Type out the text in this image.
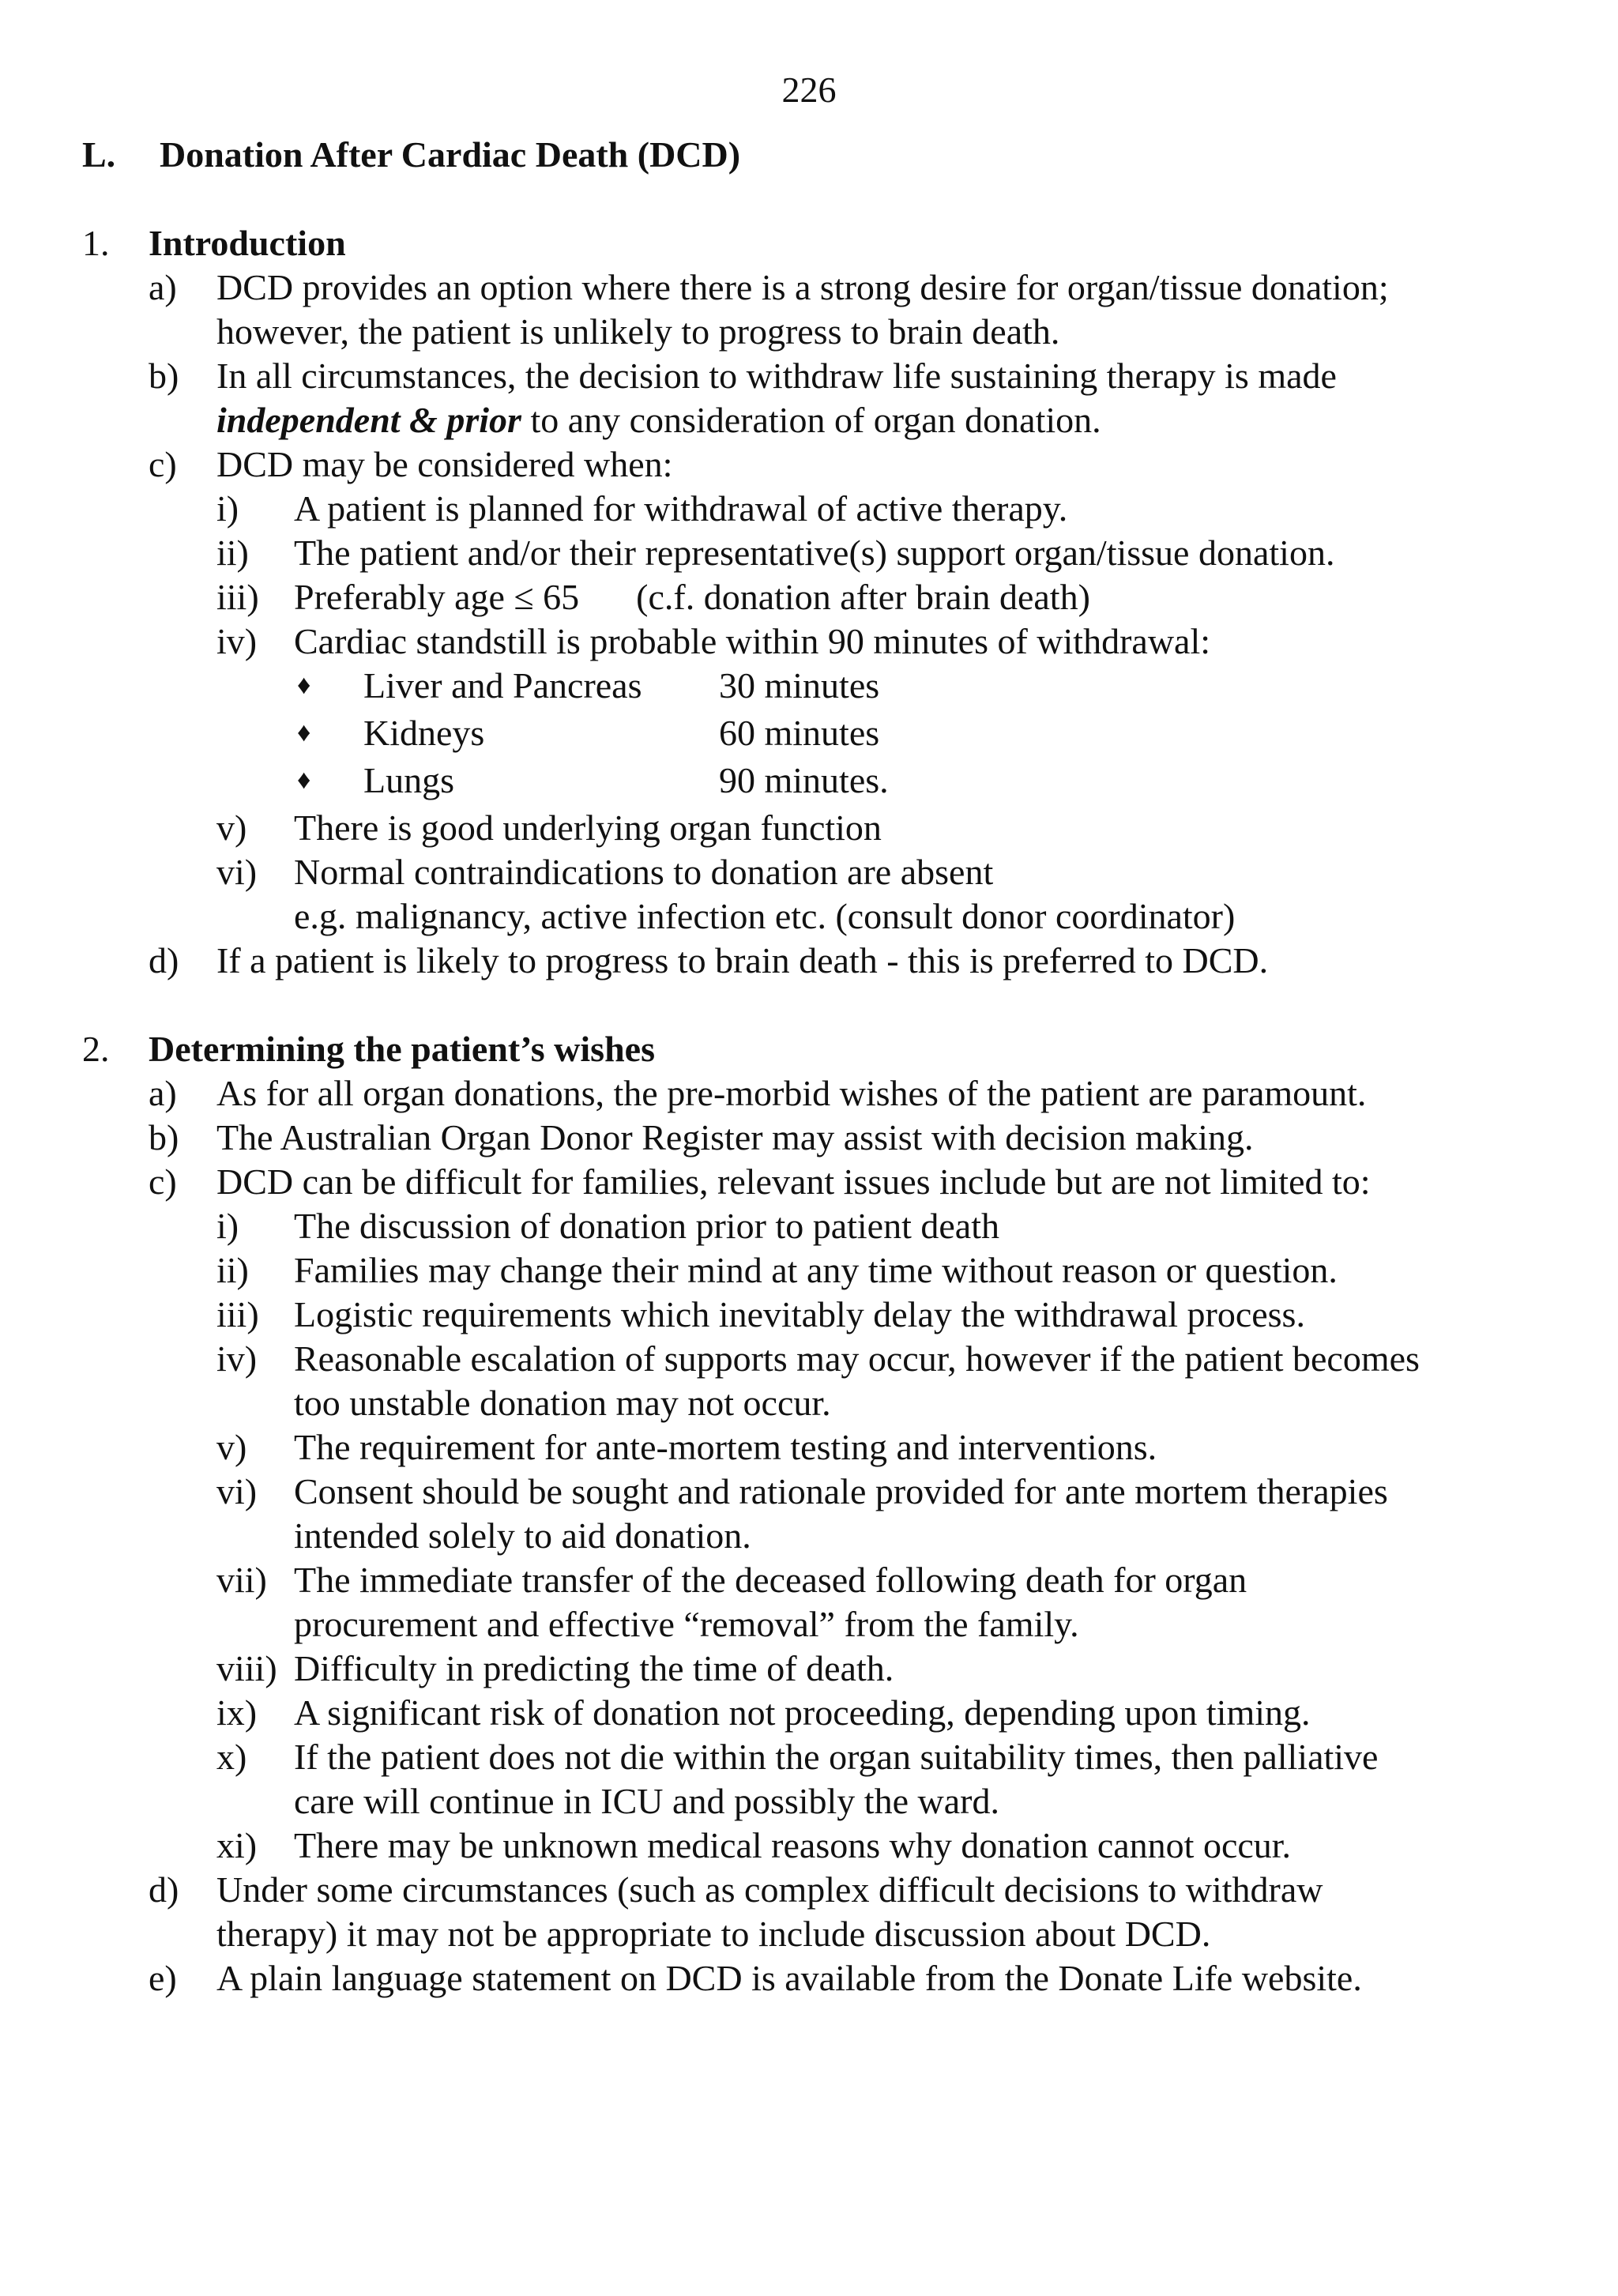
226
L. Donation After Cardiac Death (DCD)
1.	Introduction
a)	DCD provides an option where there is a strong desire for organ/tissue donation;
however, the patient is unlikely to progress to brain death.
b)	In all circumstances, the decision to withdraw life sustaining therapy is made
independent & prior to any consideration of organ donation.
c)	DCD may be considered when:
i)	A patient is planned for withdrawal of active therapy.
ii)	The patient and/or their representative(s) support organ/tissue donation.
iii) Preferably age ≤ 65 (c.f. donation after brain death)
iv)	Cardiac standstill is probable within 90 minutes of withdrawal:
♦	Liver and Pancreas	30 minutes
♦	Kidneys	60 minutes
♦	Lungs	90 minutes.
v)	There is good underlying organ function
vi)	Normal contraindications to donation are absent
e.g. malignancy, active infection etc. (consult donor coordinator)
d)	If a patient is likely to progress to brain death - this is preferred to DCD.
2.	Determining the patient’s wishes
a)	As for all organ donations, the pre-morbid wishes of the patient are paramount.
b)	The Australian Organ Donor Register may assist with decision making.
c)	DCD can be difficult for families, relevant issues include but are not limited to:
i)	The discussion of donation prior to patient death
ii)	Families may change their mind at any time without reason or question.
iii) Logistic requirements which inevitably delay the withdrawal process.
iv)	Reasonable escalation of supports may occur, however if the patient becomes
too unstable donation may not occur.
v)	The requirement for ante-mortem testing and interventions.
vi)	Consent should be sought and rationale provided for ante mortem therapies
intended solely to aid donation.
vii) The immediate transfer of the deceased following death for organ
procurement and effective “removal” from the family.
viii) Difficulty in predicting the time of death.
ix)	A significant risk of donation not proceeding, depending upon timing.
x)	If the patient does not die within the organ suitability times, then palliative
care will continue in ICU and possibly the ward.
xi)	There may be unknown medical reasons why donation cannot occur.
d)	Under some circumstances (such as complex difficult decisions to withdraw
therapy) it may not be appropriate to include discussion about DCD.
e)	A plain language statement on DCD is available from the Donate Life website.
